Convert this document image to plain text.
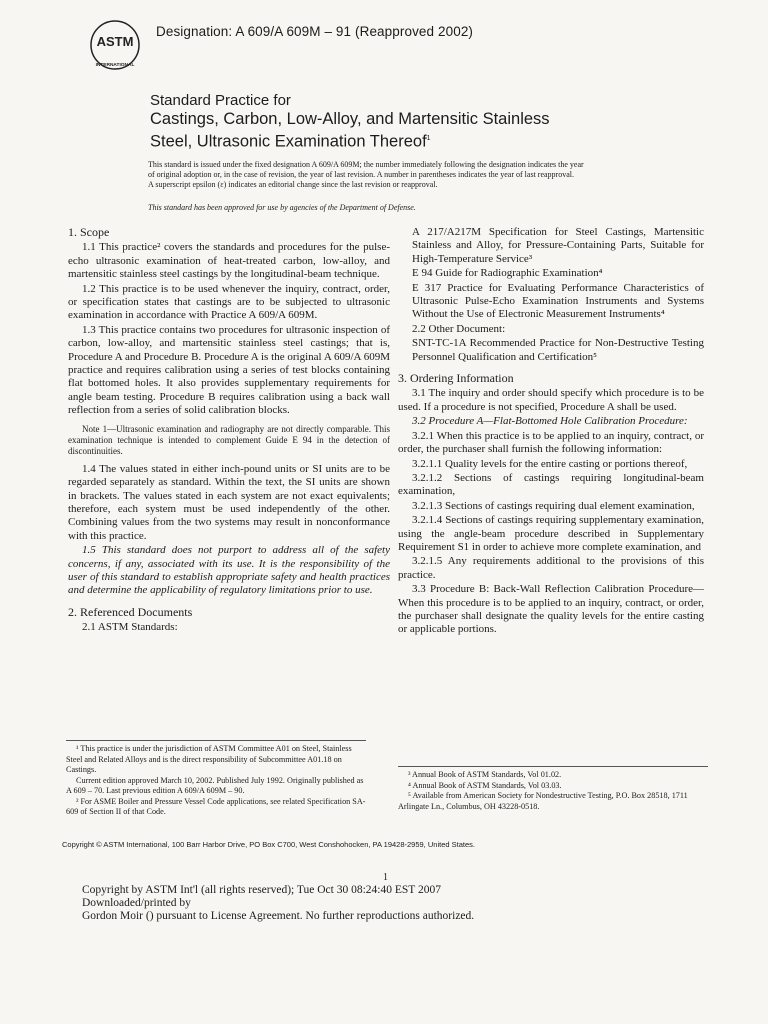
ASTM
INTERNATIONAL
Designation: A 609/A 609M – 91 (Reapproved 2002)
Standard Practice for
Castings, Carbon, Low-Alloy, and Martensitic Stainless
Steel, Ultrasonic Examination Thereof$^1$
This standard is issued under the fixed designation A 609/A 609M; the number immediately following the designation indicates the year
of original adoption or, in the case of revision, the year of last revision. A number in parentheses indicates the year of last reapproval.
A superscript epsilon (ε) indicates an editorial change since the last revision or reapproval.
This standard has been approved for use by agencies of the Department of Defense.
1. Scope

1.1 This practice² covers the standards and procedures for the pulse-echo ultrasonic examination of heat-treated carbon, low-alloy, and martensitic stainless steel castings by the longitudinal-beam technique.

1.2 This practice is to be used whenever the inquiry, contract, order, or specification states that castings are to be subjected to ultrasonic examination in accordance with Practice A 609/A 609M.

1.3 This practice contains two procedures for ultrasonic inspection of carbon, low-alloy, and martensitic stainless steel castings; that is, Procedure A and Procedure B. Procedure A is the original A 609/A 609M practice and requires calibration using a series of test blocks containing flat bottomed holes. It also provides supplementary requirements for angle beam testing. Procedure B requires calibration using a back wall reflection from a series of solid calibration blocks.

Note 1—Ultrasonic examination and radiography are not directly comparable. This examination technique is intended to complement Guide E 94 in the detection of discontinuities.

1.4 The values stated in either inch-pound units or SI units are to be regarded separately as standard. Within the text, the SI units are shown in brackets. The values stated in each system are not exact equivalents; therefore, each system must be used independently of the other. Combining values from the two systems may result in nonconformance with this practice.

1.5 This standard does not purport to address all of the safety concerns, if any, associated with its use. It is the responsibility of the user of this standard to establish appropriate safety and health practices and determine the applicability of regulatory limitations prior to use.

2. Referenced Documents

2.1 ASTM Standards:

A 217/A217M Specification for Steel Castings, Martensitic Stainless and Alloy, for Pressure-Containing Parts, Suitable for High-Temperature Service³

E 94 Guide for Radiographic Examination⁴

E 317 Practice for Evaluating Performance Characteristics of Ultrasonic Pulse-Echo Examination Instruments and Systems Without the Use of Electronic Measurement Instruments⁴

2.2 Other Document:

SNT-TC-1A Recommended Practice for Non-Destructive Testing Personnel Qualification and Certification⁵

3. Ordering Information

3.1 The inquiry and order should specify which procedure is to be used. If a procedure is not specified, Procedure A shall be used.

3.2 Procedure A—Flat-Bottomed Hole Calibration Procedure:

3.2.1 When this practice is to be applied to an inquiry, contract, or order, the purchaser shall furnish the following information:

3.2.1.1 Quality levels for the entire casting or portions thereof,

3.2.1.2 Sections of castings requiring longitudinal-beam examination,

3.2.1.3 Sections of castings requiring dual element examination,

3.2.1.4 Sections of castings requiring supplementary examination, using the angle-beam procedure described in Supplementary Requirement S1 in order to achieve more complete examination, and

3.2.1.5 Any requirements additional to the provisions of this practice.

3.3 Procedure B: Back-Wall Reflection Calibration Procedure—When this procedure is to be applied to an inquiry, contract, or order, the purchaser shall designate the quality levels for the entire casting or applicable portions.

¹ This practice is under the jurisdiction of ASTM Committee A01 on Steel, Stainless Steel and Related Alloys and is the direct responsibility of Subcommittee A01.18 on Castings.

Current edition approved March 10, 2002. Published July 1992. Originally published as A 609 – 70. Last previous edition A 609/A 609M – 90.

² For ASME Boiler and Pressure Vessel Code applications, see related Specification SA-609 of Section II of that Code.

³ Annual Book of ASTM Standards, Vol 01.02.

⁴ Annual Book of ASTM Standards, Vol 03.03.

⁵ Available from American Society for Nondestructive Testing, P.O. Box 28518, 1711 Arlingate Ln., Columbus, OH 43228-0518.

Copyright © ASTM International, 100 Barr Harbor Drive, PO Box C700, West Conshohocken, PA 19428-2959, United States.
1
Copyright by ASTM Int'l (all rights reserved); Tue Oct 30 08:24:40 EST 2007
Downloaded/printed by
Gordon Moir () pursuant to License Agreement. No further reproductions authorized.
